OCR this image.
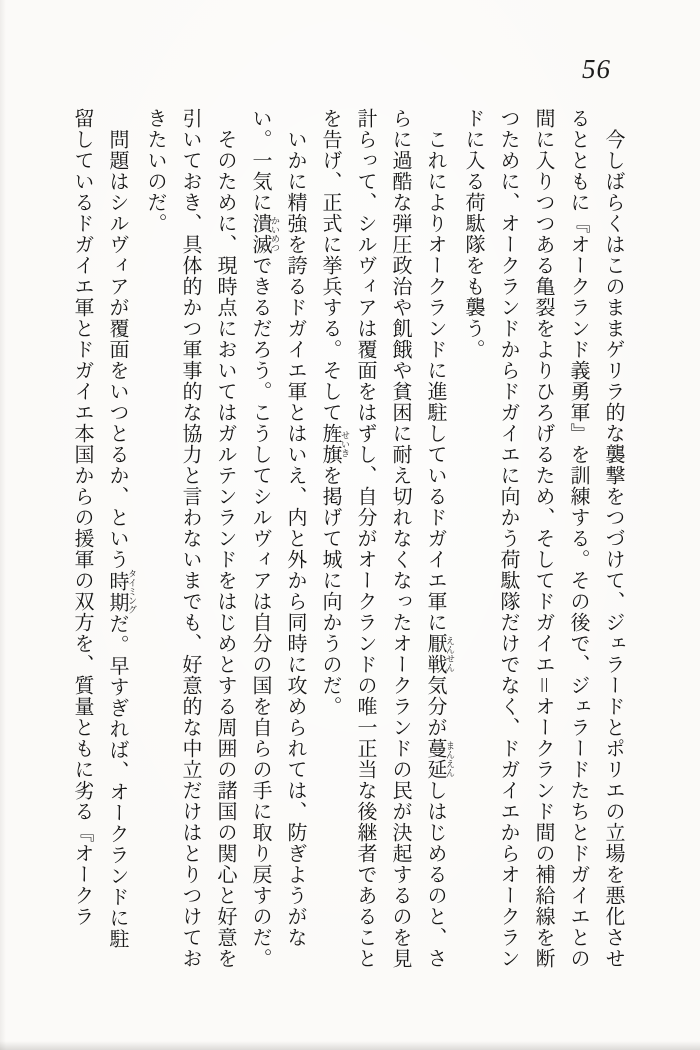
56

今しばらくはこのままゲリラ的な襲撃をつづけて、ジェラードとポリエの立場を悪化させるとともに『オークランド義勇軍』を訓練する。その後で、ジェラードたちとドガイエとの間に入りつつある亀裂をよりひろげるため、そしてドガイエ＝オークランド間の補給線を断つために、オークランドからドガイエに向かう荷駄隊だけでなく、ドガイエからオークランドに入る荷駄隊をも襲う。

これによりオークランドに進駐しているドガイエ軍に厭戦 えんせん気分が蔓延 まんえんしはじめるのと、さらに過酷な弾圧政治や飢餓や貧困に耐え切れなくなったオークランドの民が決起するのを見計らって、シルヴィアは覆面をはずし、自分がオークランドの唯一正当な後継者であることを告げ、正式に挙兵する。そして旌旗 せいきを掲げて城に向かうのだ。

いかに精強を誇るドガイエ軍とはいえ、内と外から同時に攻められては、防ぎようがない。一気に潰滅 かいめつできるだろう。こうしてシルヴィアは自分の国を自らの手に取り戻すのだ。

そのために、現時点においてはガルテンランドをはじめとする周囲の諸国の関心と好意を引いておき、具体的かつ軍事的な協力と言わないまでも、好意的な中立だけはとりつけておきたいのだ。

問題はシルヴィアが覆面をいつとるか、という時期 タイミングだ。早すぎれば、オークランドに駐留しているドガイエ軍とドガイエ本国からの援軍の双方を、質量ともに劣る『オークラ
